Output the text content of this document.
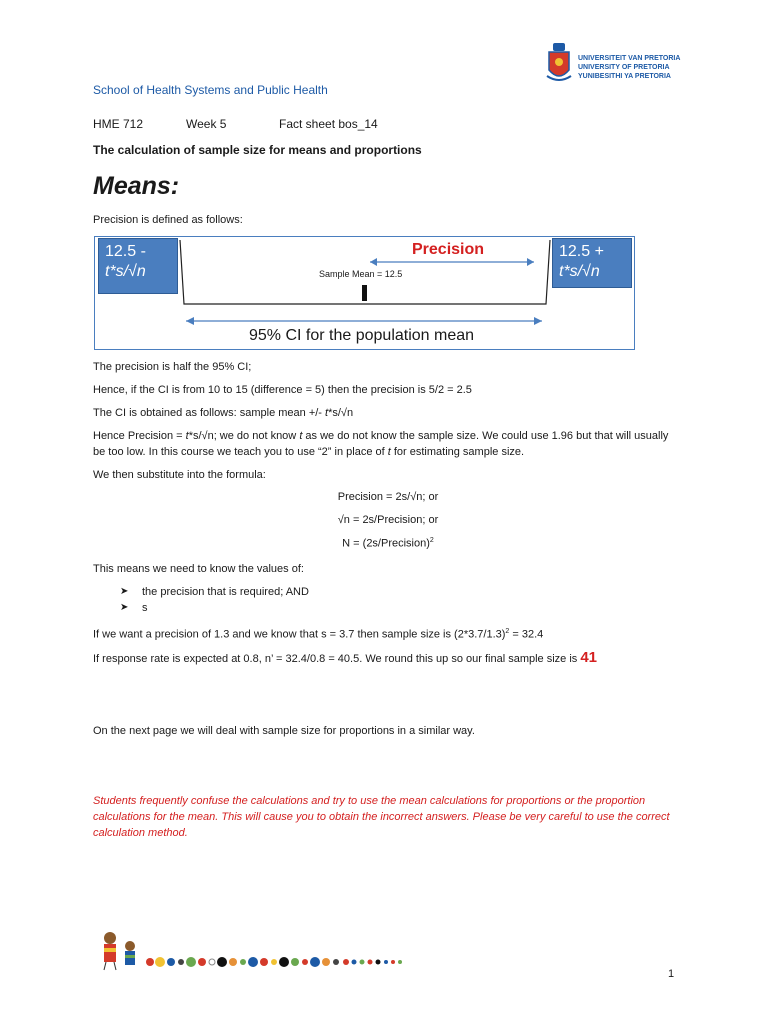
UNIVERSITEIT VAN PRETORIA
UNIVERSITY OF PRETORIA
YUNIBESITHI YA PRETORIA
School of Health Systems and Public Health
HME 712	Week 5	Fact sheet bos_14
The calculation of sample size for means and proportions
Means:
Precision is defined as follows:
12.5 -
t*s/√n
12.5 +
t*s/√n
Precision
Sample Mean = 12.5
95% CI for the population mean
The precision is half the 95% CI;
Hence, if the CI is from 10 to 15 (difference = 5) then the precision is 5/2 = 2.5
The CI is obtained as follows: sample mean +/- t*s/√n
Hence Precision = t*s/√n; we do not know t as we do not know the sample size. We could use 1.96 but that will usually be too low. In this course we teach you to use “2” in place of t for estimating sample size.
We then substitute into the formula:
Precision = 2s/√n; or
√n = 2s/Precision; or
N = (2s/Precision)$^2$
This means we need to know the values of:
➤ the precision that is required; AND
➤ s
If we want a precision of 1.3 and we know that s = 3.7 then sample size is $(2*3.7/1.3)^2 = 32.4$
If response rate is expected at 0.8, n’ = 32.4/0.8 = 40.5. We round this up so our final sample size is 41
On the next page we will deal with sample size for proportions in a similar way.
Students frequently confuse the calculations and try to use the mean calculations for proportions or the proportion calculations for the mean. This will cause you to obtain the incorrect answers. Please be very careful to use the correct calculation method.
1
